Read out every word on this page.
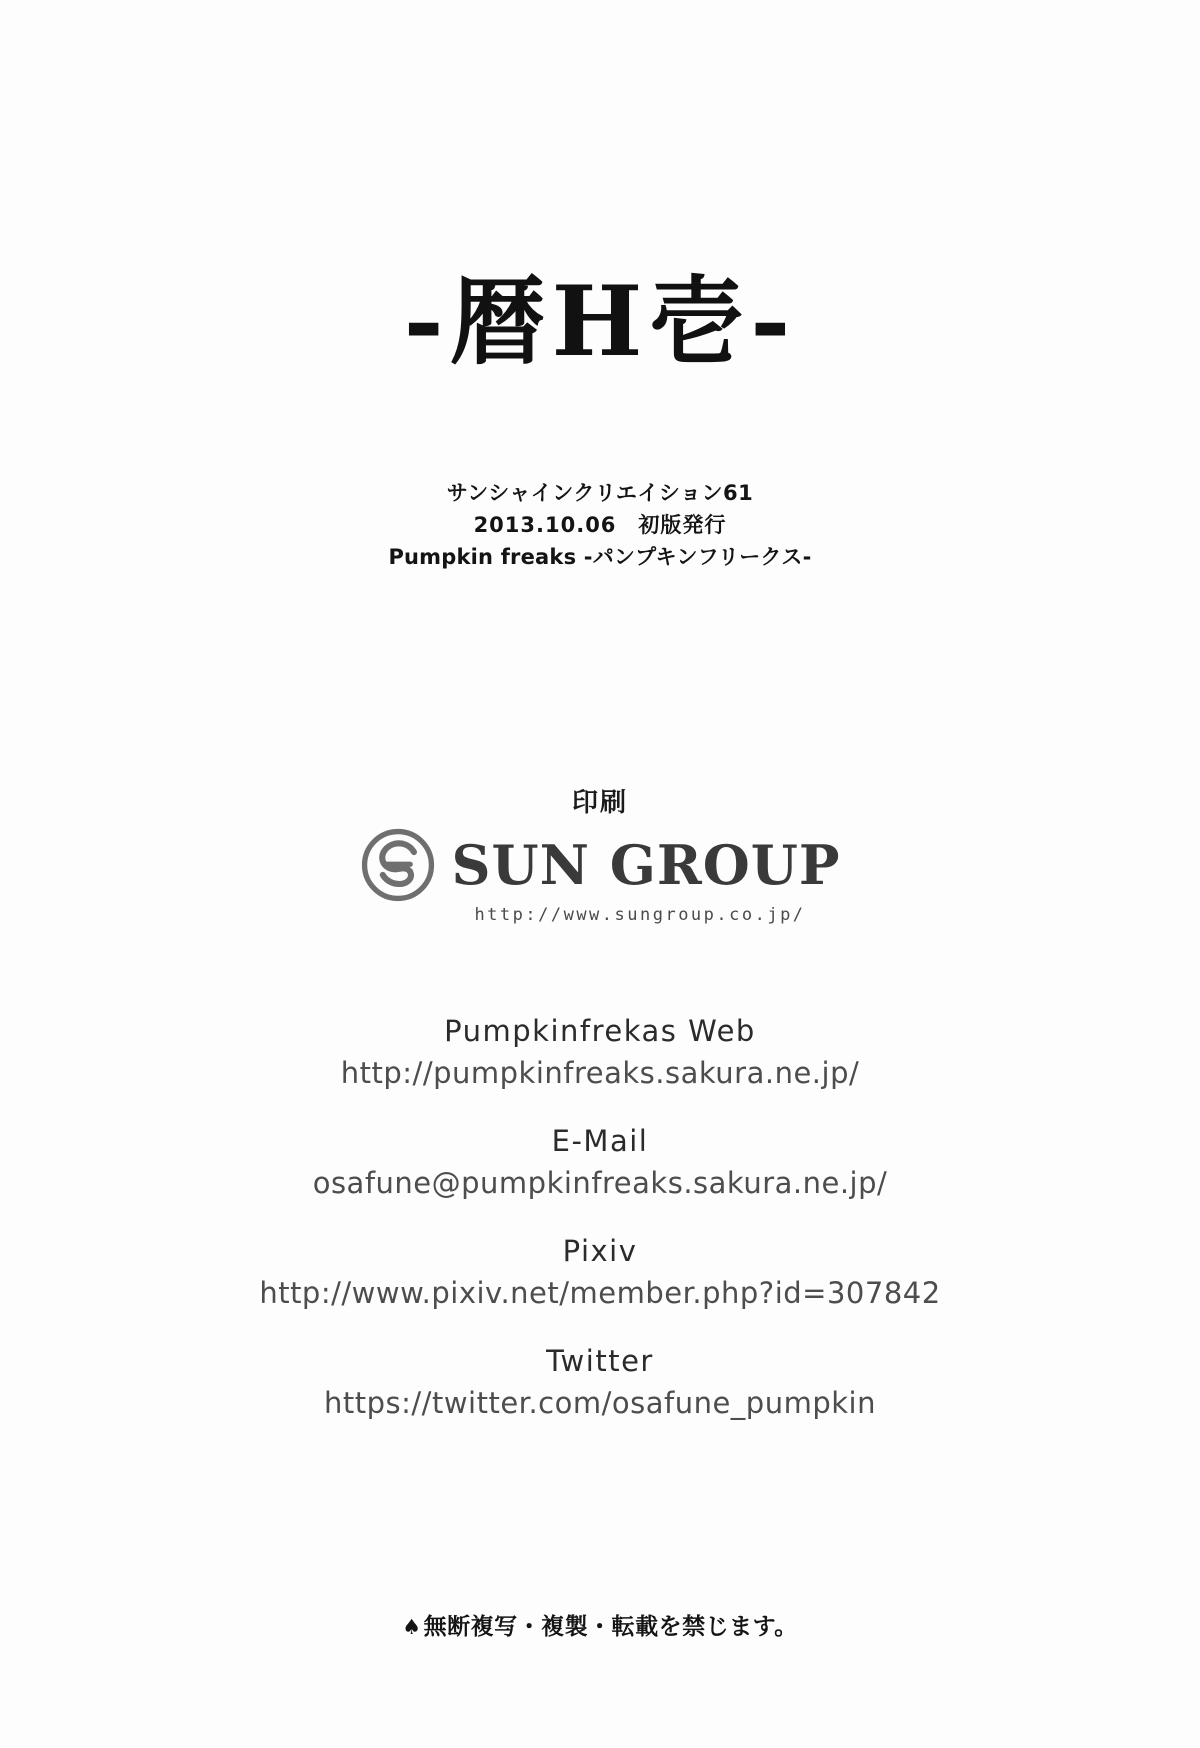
-暦H壱-
サンシャインクリエイション61
2013.10.06　初版発行
Pumpkin freaks -パンプキンフリークス-
印刷
SUN GROUP
http://www.sungroup.co.jp/
Pumpkinfrekas Web
http://pumpkinfreaks.sakura.ne.jp/
E-Mail
osafune@pumpkinfreaks.sakura.ne.jp/
Pixiv
http://www.pixiv.net/member.php?id=307842
Twitter
https://twitter.com/osafune_pumpkin
♠無断複写・複製・転載を禁じます。
